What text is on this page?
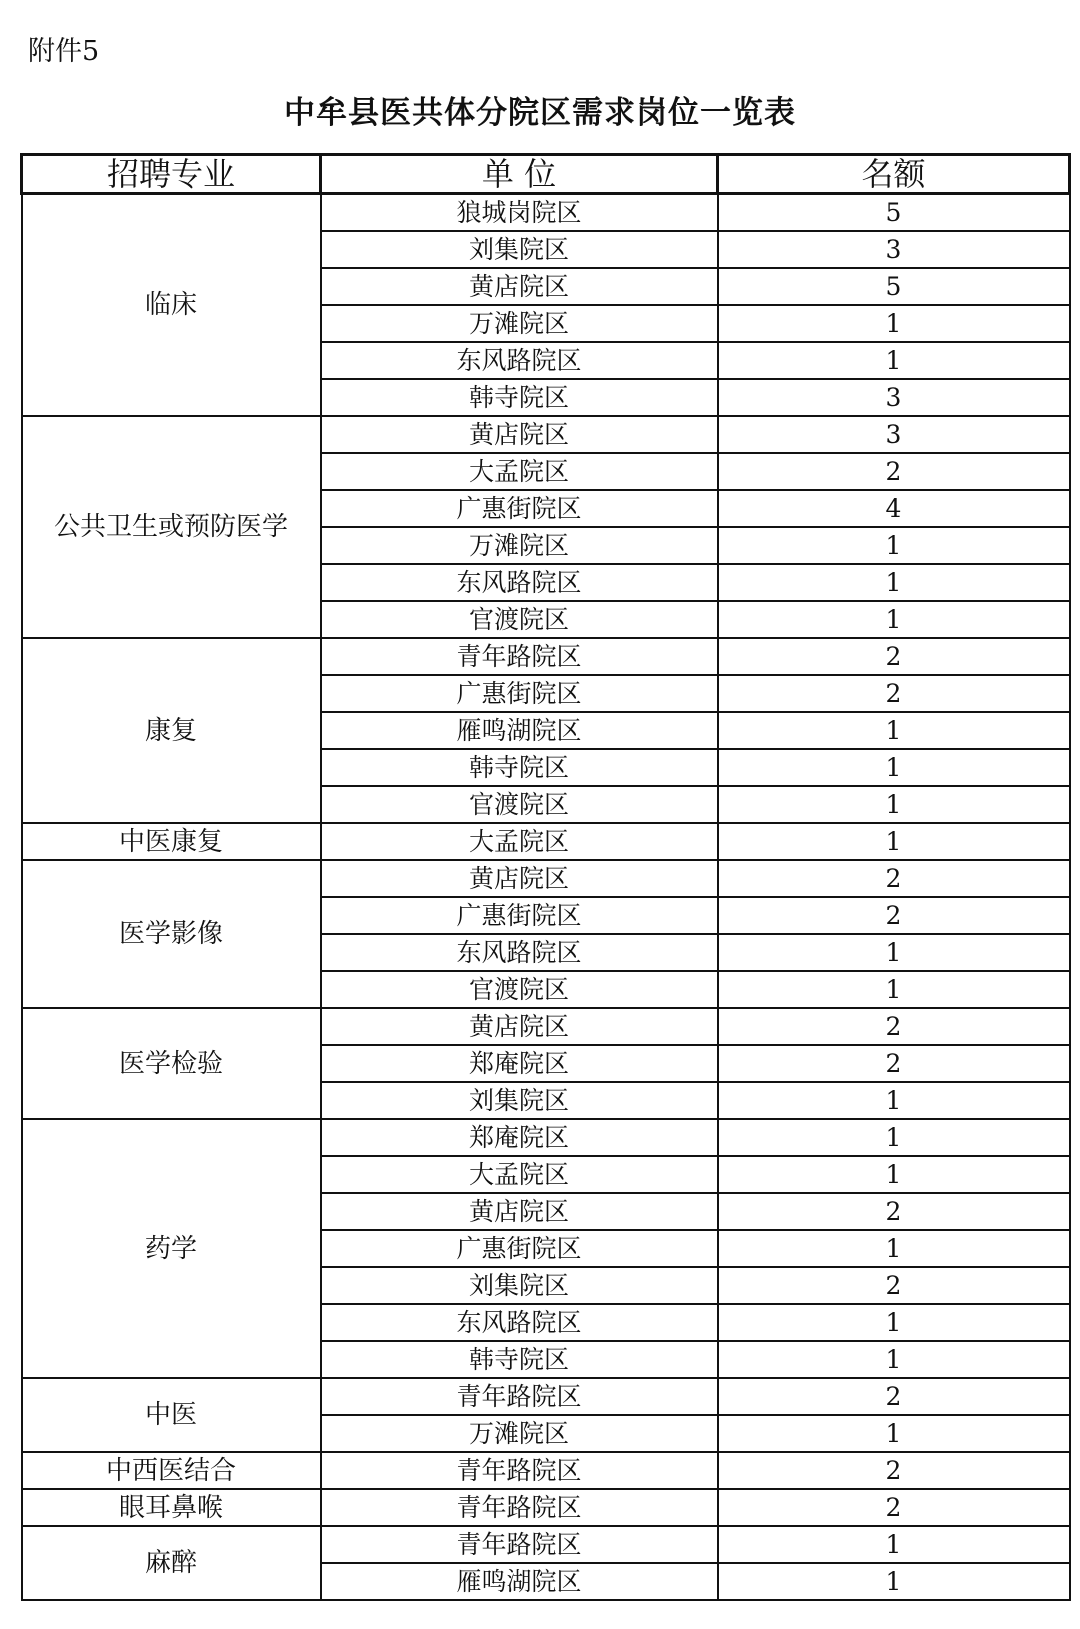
附件5
中牟县医共体分院区需求岗位一览表
招聘专业	单 位	名额
临床	狼城岗院区	5
	刘集院区	3
	黄店院区	5
	万滩院区	1
	东风路院区	1
	韩寺院区	3
公共卫生或预防医学	黄店院区	3
	大孟院区	2
	广惠街院区	4
	万滩院区	1
	东风路院区	1
	官渡院区	1
康复	青年路院区	2
	广惠街院区	2
	雁鸣湖院区	1
	韩寺院区	1
	官渡院区	1
中医康复	大孟院区	1
医学影像	黄店院区	2
	广惠街院区	2
	东风路院区	1
	官渡院区	1
医学检验	黄店院区	2
	郑庵院区	2
	刘集院区	1
药学	郑庵院区	1
	大孟院区	1
	黄店院区	2
	广惠街院区	1
	刘集院区	2
	东风路院区	1
	韩寺院区	1
中医	青年路院区	2
	万滩院区	1
中西医结合	青年路院区	2
眼耳鼻喉	青年路院区	2
麻醉	青年路院区	1
	雁鸣湖院区	1
